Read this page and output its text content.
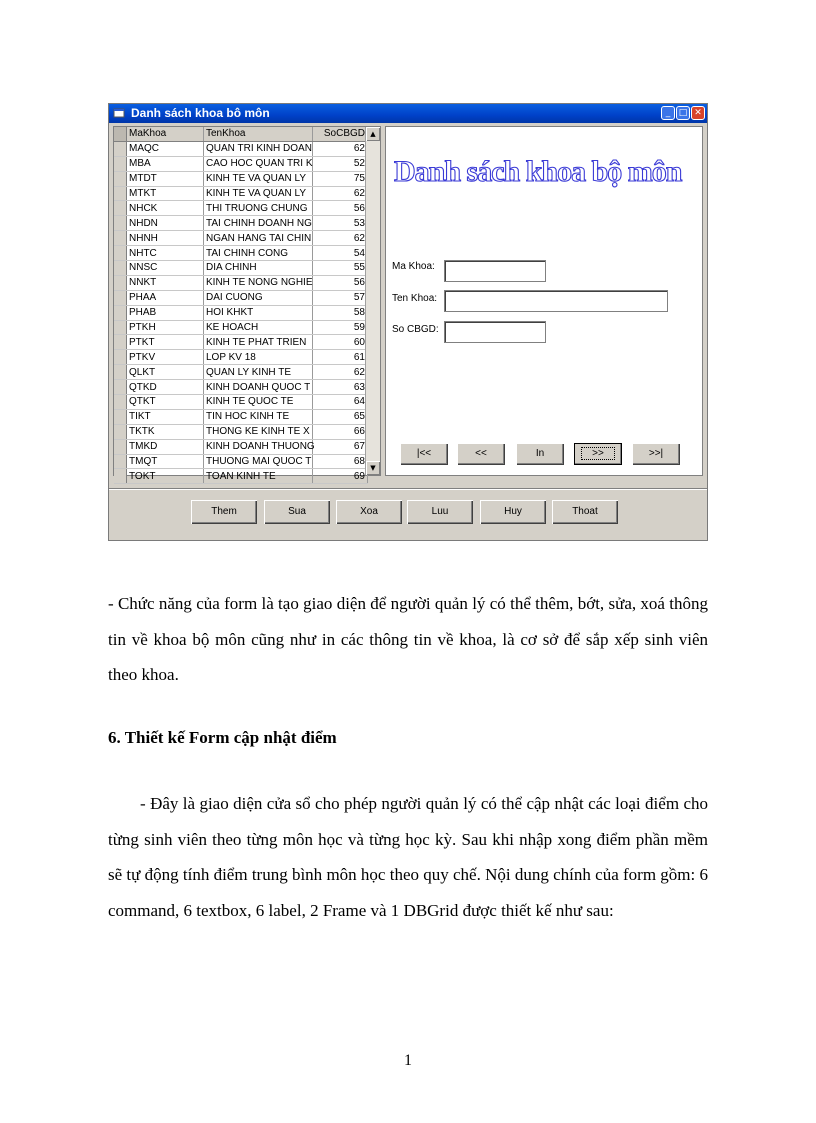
Danh sách khoa bô môn	_ □ ✕
	MaKhoa	TenKhoa	SoCBGD
	MAQC	QUAN TRI KINH DOAN	62
	MBA	CAO HOC QUAN TRI K	52
	MTDT	KINH TE VA QUAN LY	75
	MTKT	KINH TE VA QUAN LY	62
	NHCK	THI TRUONG CHUNG	56
	NHDN	TAI CHINH DOANH NG	53
	NHNH	NGAN HANG TAI CHIN	62
	NHTC	TAI CHINH CONG	54
	NNSC	DIA CHINH	55
	NNKT	KINH TE NONG NGHIE	56
	PHAA	DAI CUONG	57
	PHAB	HOI KHKT	58
	PTKH	KE HOACH	59
	PTKT	KINH TE PHAT TRIEN	60
	PTKV	LOP KV 18	61
	QLKT	QUAN LY KINH TE	62
	QTKD	KINH DOANH QUOC T	63
	QTKT	KINH TE QUOC TE	64
	TIKT	TIN HOC KINH TE	65
	TKTK	THONG KE KINH TE X	66
	TMKD	KINH DOANH THUONG	67
	TMQT	THUONG MAI QUOC T	68
	TOKT	TOAN KINH TE	69
▲
▼
Danh sách khoa bộ môn
Ma Khoa:
Ten Khoa:
So CBGD:
|<<	<<	In	>>	>>|
Them	Sua	Xoa	Luu	Huy	Thoat

- Chức năng của form là tạo giao diện để người quản lý có thể thêm, bớt, sửa, xoá thông tin về khoa bộ môn cũng như in các thông tin về khoa, là cơ sở để sắp xếp sinh viên theo khoa.

6. Thiết kế Form cập nhật điểm

- Đây là giao diện cửa sổ cho phép người quản lý có thể cập nhật các loại điểm cho từng sinh viên theo từng môn học và từng học kỳ. Sau khi nhập xong điểm phần mềm sẽ tự động tính điểm trung bình môn học theo quy chế. Nội dung chính của form gồm: 6 command, 6 textbox, 6 label, 2 Frame và 1 DBGrid được thiết kế như sau:

1
